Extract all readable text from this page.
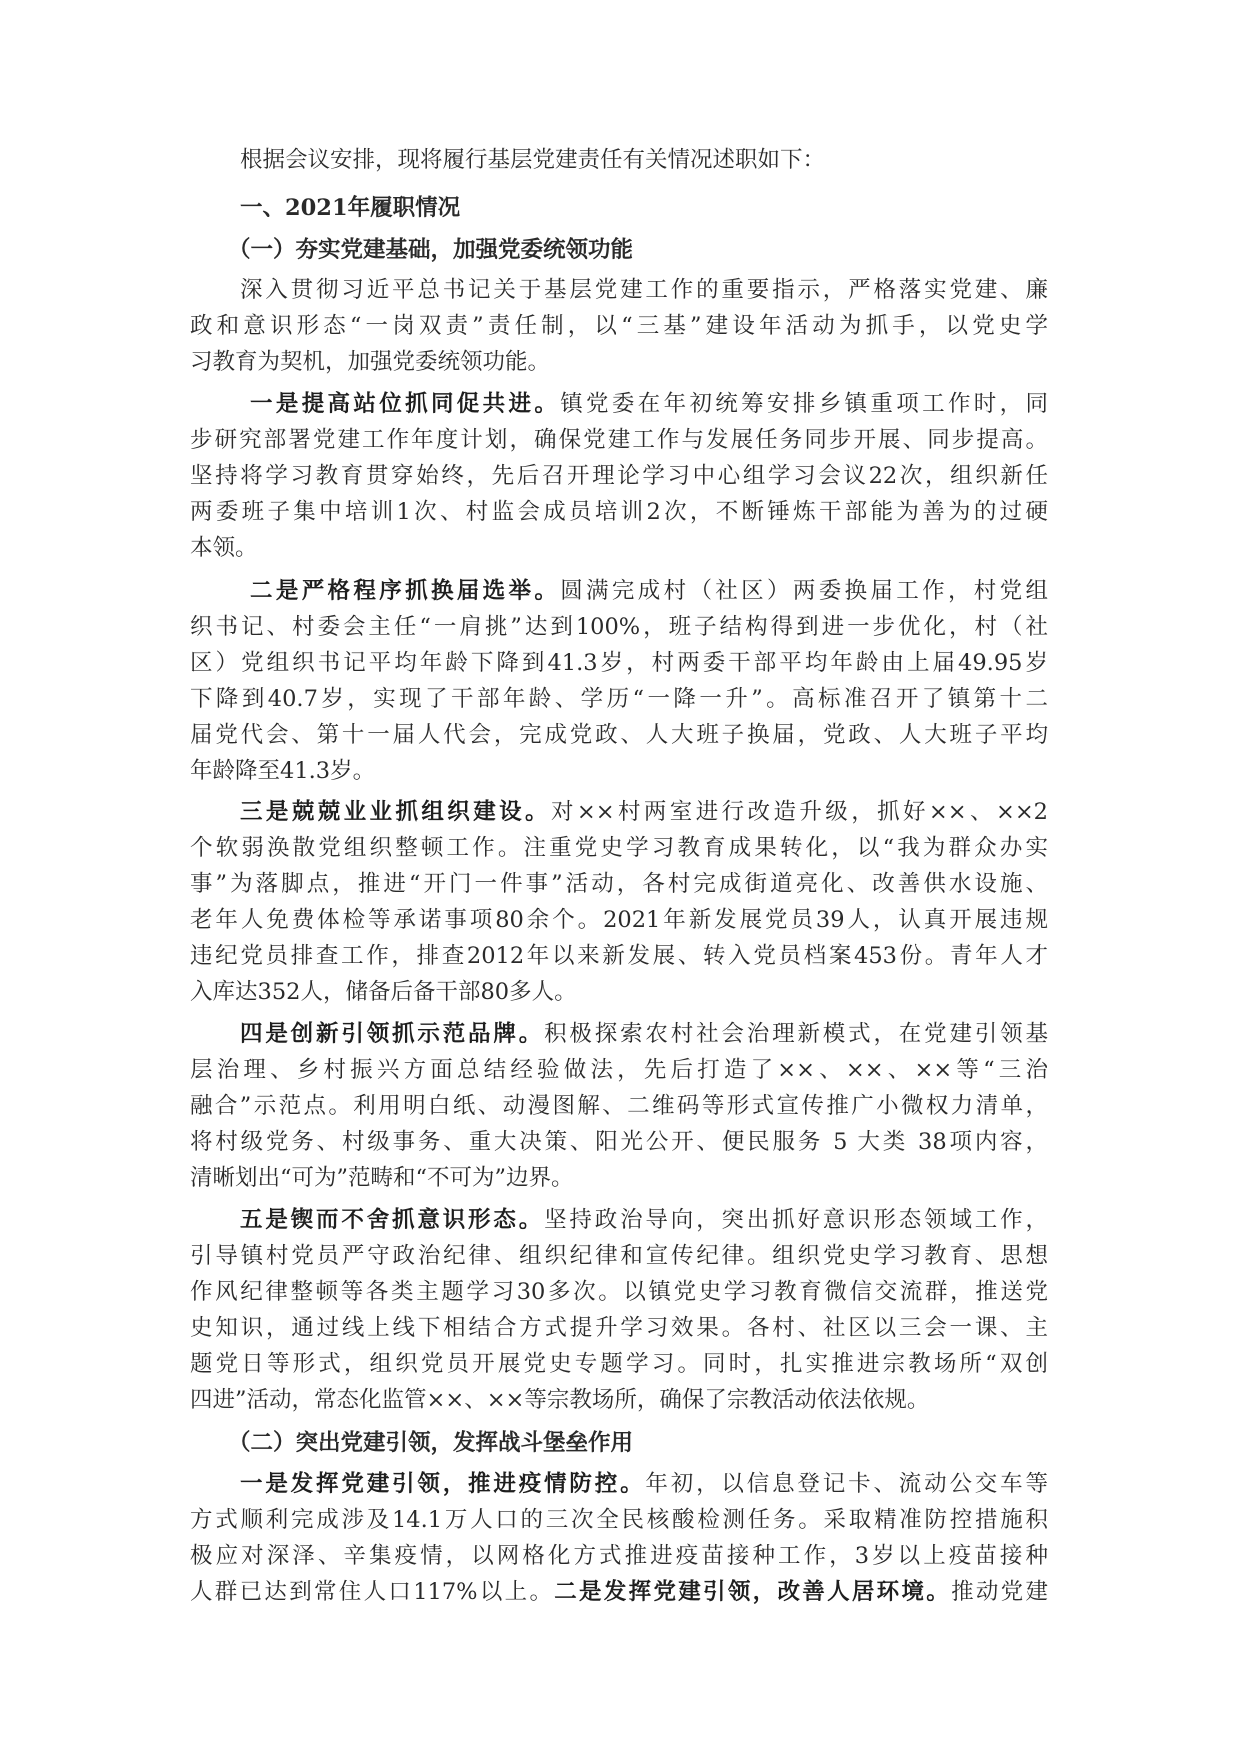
根据会议安排，现将履行基层党建责任有关情况述职如下：
一、2021年履职情况
（一）夯实党建基础，加强党委统领功能
深入贯彻习近平总书记关于基层党建工作的重要指示，严格落实党建、廉
政和意识形态“一岗双责”责任制，以“三基”建设年活动为抓手，以党史学
习教育为契机，加强党委统领功能。
一是提高站位抓同促共进。镇党委在年初统筹安排乡镇重项工作时，同
步研究部署党建工作年度计划，确保党建工作与发展任务同步开展、同步提高。
坚持将学习教育贯穿始终，先后召开理论学习中心组学习会议22次，组织新任
两委班子集中培训1次、村监会成员培训2次，不断锤炼干部能为善为的过硬
本领。
二是严格程序抓换届选举。圆满完成村（社区）两委换届工作，村党组
织书记、村委会主任“一肩挑”达到100%，班子结构得到进一步优化，村（社
区）党组织书记平均年龄下降到41.3岁，村两委干部平均年龄由上届49.95岁
下降到40.7岁，实现了干部年龄、学历“一降一升”。高标准召开了镇第十二
届党代会、第十一届人代会，完成党政、人大班子换届，党政、人大班子平均
年龄降至41.3岁。
三是兢兢业业抓组织建设。对××村两室进行改造升级，抓好××、××2
个软弱涣散党组织整顿工作。注重党史学习教育成果转化，以“我为群众办实
事”为落脚点，推进“开门一件事”活动，各村完成街道亮化、改善供水设施、
老年人免费体检等承诺事项80余个。2021年新发展党员39人，认真开展违规
违纪党员排查工作，排查2012年以来新发展、转入党员档案453份。青年人才
入库达352人，储备后备干部80多人。
四是创新引领抓示范品牌。积极探索农村社会治理新模式，在党建引领基
层治理、乡村振兴方面总结经验做法，先后打造了××、××、××等“三治
融合”示范点。利用明白纸、动漫图解、二维码等形式宣传推广小微权力清单，
将村级党务、村级事务、重大决策、阳光公开、便民服务 5 大类 38项内容，
清晰划出“可为”范畴和“不可为”边界。
五是锲而不舍抓意识形态。坚持政治导向，突出抓好意识形态领域工作，
引导镇村党员严守政治纪律、组织纪律和宣传纪律。组织党史学习教育、思想
作风纪律整顿等各类主题学习30多次。以镇党史学习教育微信交流群，推送党
史知识，通过线上线下相结合方式提升学习效果。各村、社区以三会一课、主
题党日等形式，组织党员开展党史专题学习。同时，扎实推进宗教场所“双创
四进”活动，常态化监管××、××等宗教场所，确保了宗教活动依法依规。
（二）突出党建引领，发挥战斗堡垒作用
一是发挥党建引领，推进疫情防控。年初，以信息登记卡、流动公交车等
方式顺利完成涉及14.1万人口的三次全民核酸检测任务。采取精准防控措施积
极应对深泽、辛集疫情，以网格化方式推进疫苗接种工作，3岁以上疫苗接种
人群已达到常住人口117%以上。二是发挥党建引领，改善人居环境。推动党建
